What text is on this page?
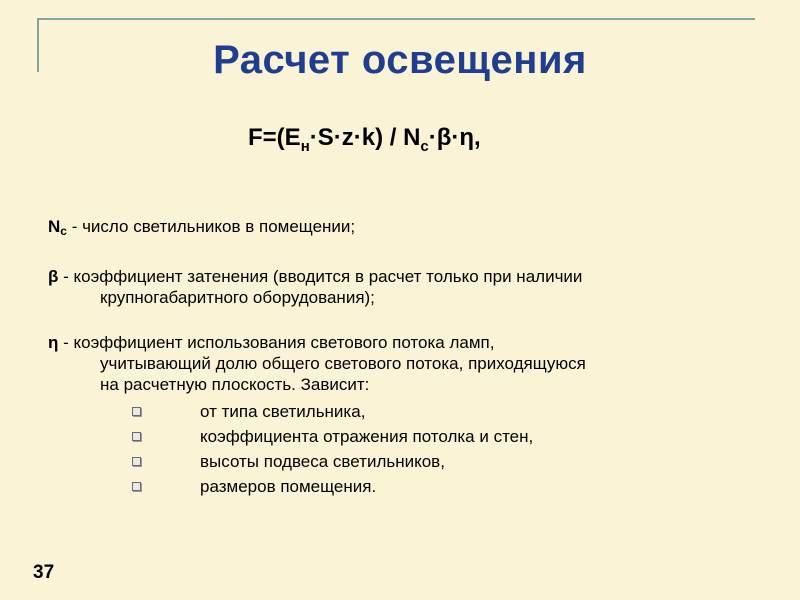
Расчет освещения
$F=(E_н\cdot S\cdot z\cdot k) / N_c\cdot\beta\cdot\eta$,

$N_c$ - число светильников в помещении;

β - коэффициент затенения (вводится в расчет только при наличии
крупногабаритного оборудования);

η - коэффициент использования светового потока ламп,
учитывающий долю общего светового потока, приходящуюся
на расчетную плоскость. Зависит:

от типа светильника,
коэффициента отражения потолка и стен,
высоты подвеса светильников,
размеров помещения.
37
